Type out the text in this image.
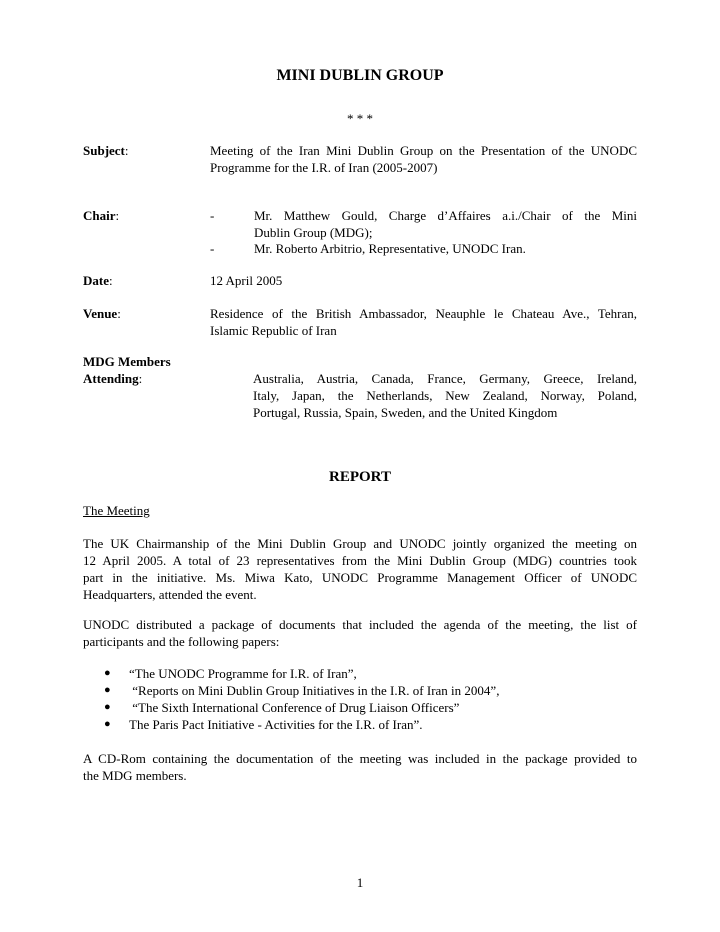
MINI DUBLIN GROUP
* * *
Subject:	Meeting of the Iran Mini Dublin Group on the Presentation of the UNODC
Programme for the I.R. of Iran (2005-2007)
Chair:	-	Mr. Matthew Gould, Charge d’Affaires a.i./Chair of the Mini
Dublin Group (MDG);
-	Mr. Roberto Arbitrio, Representative, UNODC Iran.
Date:	12 April 2005
Venue:	Residence of the British Ambassador, Neauphle le Chateau Ave., Tehran,
Islamic Republic of Iran
MDG Members
Attending:	Australia, Austria, Canada, France, Germany, Greece, Ireland,
Italy, Japan, the Netherlands, New Zealand, Norway, Poland,
Portugal, Russia, Spain, Sweden, and the United Kingdom
REPORT
The Meeting
The UK Chairmanship of the Mini Dublin Group and UNODC jointly organized the meeting on
12 April 2005. A total of 23 representatives from the Mini Dublin Group (MDG) countries took
part in the initiative. Ms. Miwa Kato, UNODC Programme Management Officer of UNODC
Headquarters, attended the event.
UNODC distributed a package of documents that included the agenda of the meeting, the list of
participants and the following papers:
● “The UNODC Programme for I.R. of Iran”,
● “Reports on Mini Dublin Group Initiatives in the I.R. of Iran in 2004”,
● “The Sixth International Conference of Drug Liaison Officers”
● The Paris Pact Initiative - Activities for the I.R. of Iran”.
A CD-Rom containing the documentation of the meeting was included in the package provided to
the MDG members.
1
